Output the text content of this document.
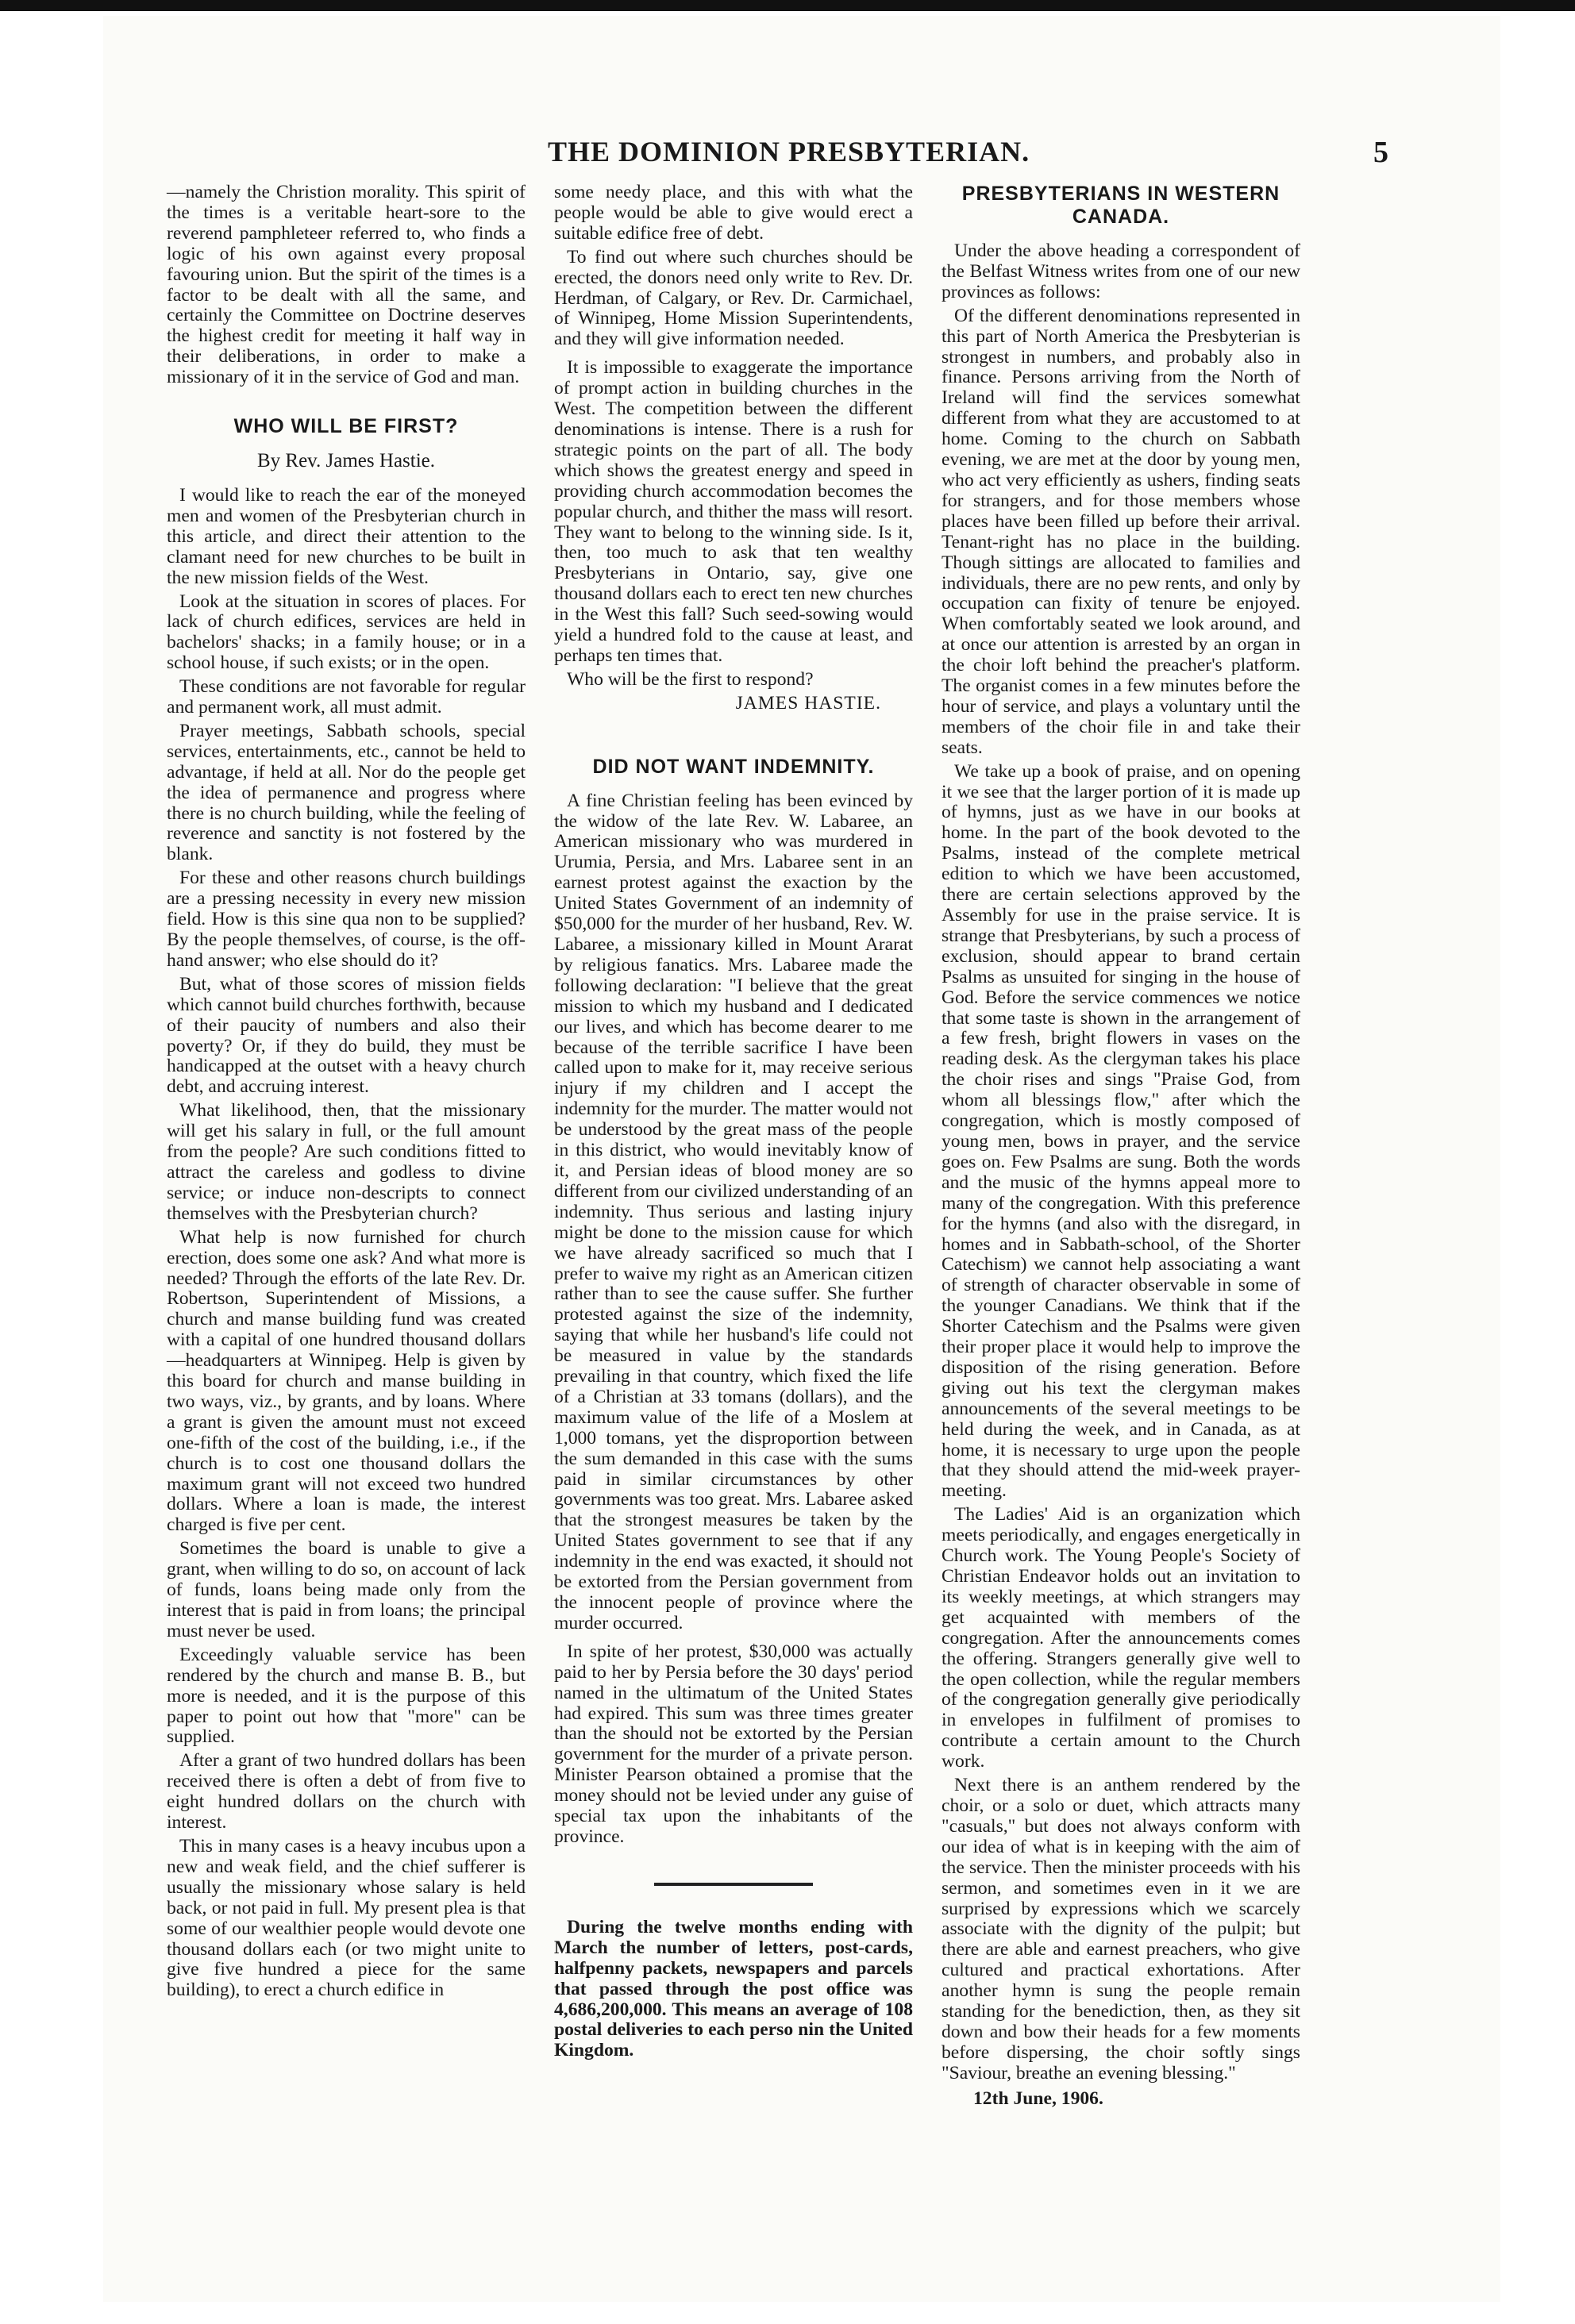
THE DOMINION PRESBYTERIAN.	5

—namely the Christion morality. This spirit of the times is a veritable heart-sore to the reverend pamphleteer referred to, who finds a logic of his own against every proposal favouring union. But the spirit of the times is a factor to be dealt with all the same, and certainly the Committee on Doctrine deserves the highest credit for meeting it half way in their deliberations, in order to make a missionary of it in the service of God and man.

WHO WILL BE FIRST?
By Rev. James Hastie.

I would like to reach the ear of the moneyed men and women of the Presbyterian church in this article, and direct their attention to the clamant need for new churches to be built in the new mission fields of the West.

Look at the situation in scores of places. For lack of church edifices, services are held in bachelors' shacks; in a family house; or in a school house, if such exists; or in the open.

These conditions are not favorable for regular and permanent work, all must admit.

Prayer meetings, Sabbath schools, special services, entertainments, etc., cannot be held to advantage, if held at all. Nor do the people get the idea of permanence and progress where there is no church building, while the feeling of reverence and sanctity is not fostered by the blank.

For these and other reasons church buildings are a pressing necessity in every new mission field. How is this sine qua non to be supplied? By the people themselves, of course, is the off-hand answer; who else should do it?

But, what of those scores of mission fields which cannot build churches forthwith, because of their paucity of numbers and also their poverty? Or, if they do build, they must be handicapped at the outset with a heavy church debt, and accruing interest.

What likelihood, then, that the missionary will get his salary in full, or the full amount from the people? Are such conditions fitted to attract the careless and godless to divine service; or induce non-descripts to connect themselves with the Presbyterian church?

What help is now furnished for church erection, does some one ask? And what more is needed? Through the efforts of the late Rev. Dr. Robertson, Superintendent of Missions, a church and manse building fund was created with a capital of one hundred thousand dollars—headquarters at Winnipeg. Help is given by this board for church and manse building in two ways, viz., by grants, and by loans. Where a grant is given the amount must not exceed one-fifth of the cost of the building, i.e., if the church is to cost one thousand dollars the maximum grant will not exceed two hundred dollars. Where a loan is made, the interest charged is five per cent.

Sometimes the board is unable to give a grant, when willing to do so, on account of lack of funds, loans being made only from the interest that is paid in from loans; the principal must never be used.

Exceedingly valuable service has been rendered by the church and manse B. B., but more is needed, and it is the purpose of this paper to point out how that "more" can be supplied.

After a grant of two hundred dollars has been received there is often a debt of from five to eight hundred dollars on the church with interest.

This in many cases is a heavy incubus upon a new and weak field, and the chief sufferer is usually the missionary whose salary is held back, or not paid in full. My present plea is that some of our wealthier people would devote one thousand dollars each (or two might unite to give five hundred a piece for the same building), to erect a church edifice in

some needy place, and this with what the people would be able to give would erect a suitable edifice free of debt.

To find out where such churches should be erected, the donors need only write to Rev. Dr. Herdman, of Calgary, or Rev. Dr. Carmichael, of Winnipeg, Home Mission Superintendents, and they will give information needed.

It is impossible to exaggerate the importance of prompt action in building churches in the West. The competition between the different denominations is intense. There is a rush for strategic points on the part of all. The body which shows the greatest energy and speed in providing church accommodation becomes the popular church, and thither the mass will resort. They want to belong to the winning side. Is it, then, too much to ask that ten wealthy Presbyterians in Ontario, say, give one thousand dollars each to erect ten new churches in the West this fall? Such seed-sowing would yield a hundred fold to the cause at least, and perhaps ten times that.

Who will be the first to respond?

JAMES HASTIE.
DID NOT WANT INDEMNITY.

A fine Christian feeling has been evinced by the widow of the late Rev. W. Labaree, an American missionary who was murdered in Urumia, Persia, and Mrs. Labaree sent in an earnest protest against the exaction by the United States Government of an indemnity of $50,000 for the murder of her husband, Rev. W. Labaree, a missionary killed in Mount Ararat by religious fanatics. Mrs. Labaree made the following declaration: "I believe that the great mission to which my husband and I dedicated our lives, and which has become dearer to me because of the terrible sacrifice I have been called upon to make for it, may receive serious injury if my children and I accept the indemnity for the murder. The matter would not be understood by the great mass of the people in this district, who would inevitably know of it, and Persian ideas of blood money are so different from our civilized understanding of an indemnity. Thus serious and lasting injury might be done to the mission cause for which we have already sacrificed so much that I prefer to waive my right as an American citizen rather than to see the cause suffer. She further protested against the size of the indemnity, saying that while her husband's life could not be measured in value by the standards prevailing in that country, which fixed the life of a Christian at 33 tomans (dollars), and the maximum value of the life of a Moslem at 1,000 tomans, yet the disproportion between the sum demanded in this case with the sums paid in similar circumstances by other governments was too great. Mrs. Labaree asked that the strongest measures be taken by the United States government to see that if any indemnity in the end was exacted, it should not be extorted from the Persian government from the innocent people of province where the murder occurred.

In spite of her protest, $30,000 was actually paid to her by Persia before the 30 days' period named in the ultimatum of the United States had expired. This sum was three times greater than the should not be extorted by the Persian government for the murder of a private person. Minister Pearson obtained a promise that the money should not be levied under any guise of special tax upon the inhabitants of the province.

During the twelve months ending with March the number of letters, post-cards, halfpenny packets, newspapers and parcels that passed through the post office was 4,686,200,000. This means an average of 108 postal deliveries to each perso nin the United Kingdom.

PRESBYTERIANS IN WESTERN CANADA.

Under the above heading a correspondent of the Belfast Witness writes from one of our new provinces as follows:

Of the different denominations represented in this part of North America the Presbyterian is strongest in numbers, and probably also in finance. Persons arriving from the North of Ireland will find the services somewhat different from what they are accustomed to at home. Coming to the church on Sabbath evening, we are met at the door by young men, who act very efficiently as ushers, finding seats for strangers, and for those members whose places have been filled up before their arrival. Tenant-right has no place in the building. Though sittings are allocated to families and individuals, there are no pew rents, and only by occupation can fixity of tenure be enjoyed. When comfortably seated we look around, and at once our attention is arrested by an organ in the choir loft behind the preacher's platform. The organist comes in a few minutes before the hour of service, and plays a voluntary until the members of the choir file in and take their seats.

We take up a book of praise, and on opening it we see that the larger portion of it is made up of hymns, just as we have in our books at home. In the part of the book devoted to the Psalms, instead of the complete metrical edition to which we have been accustomed, there are certain selections approved by the Assembly for use in the praise service. It is strange that Presbyterians, by such a process of exclusion, should appear to brand certain Psalms as unsuited for singing in the house of God. Before the service commences we notice that some taste is shown in the arrangement of a few fresh, bright flowers in vases on the reading desk. As the clergyman takes his place the choir rises and sings "Praise God, from whom all blessings flow," after which the congregation, which is mostly composed of young men, bows in prayer, and the service goes on. Few Psalms are sung. Both the words and the music of the hymns appeal more to many of the congregation. With this preference for the hymns (and also with the disregard, in homes and in Sabbath-school, of the Shorter Catechism) we cannot help associating a want of strength of character observable in some of the younger Canadians. We think that if the Shorter Catechism and the Psalms were given their proper place it would help to improve the disposition of the rising generation. Before giving out his text the clergyman makes announcements of the several meetings to be held during the week, and in Canada, as at home, it is necessary to urge upon the people that they should attend the mid-week prayer-meeting.

The Ladies' Aid is an organization which meets periodically, and engages energetically in Church work. The Young People's Society of Christian Endeavor holds out an invitation to its weekly meetings, at which strangers may get acquainted with members of the congregation. After the announcements comes the offering. Strangers generally give well to the open collection, while the regular members of the congregation generally give periodically in envelopes in fulfilment of promises to contribute a certain amount to the Church work.

Next there is an anthem rendered by the choir, or a solo or duet, which attracts many "casuals," but does not always conform with our idea of what is in keeping with the aim of the service. Then the minister proceeds with his sermon, and sometimes even in it we are surprised by expressions which we scarcely associate with the dignity of the pulpit; but there are able and earnest preachers, who give cultured and practical exhortations. After another hymn is sung the people remain standing for the benediction, then, as they sit down and bow their heads for a few moments before dispersing, the choir softly sings "Saviour, breathe an evening blessing."

12th June, 1906.
